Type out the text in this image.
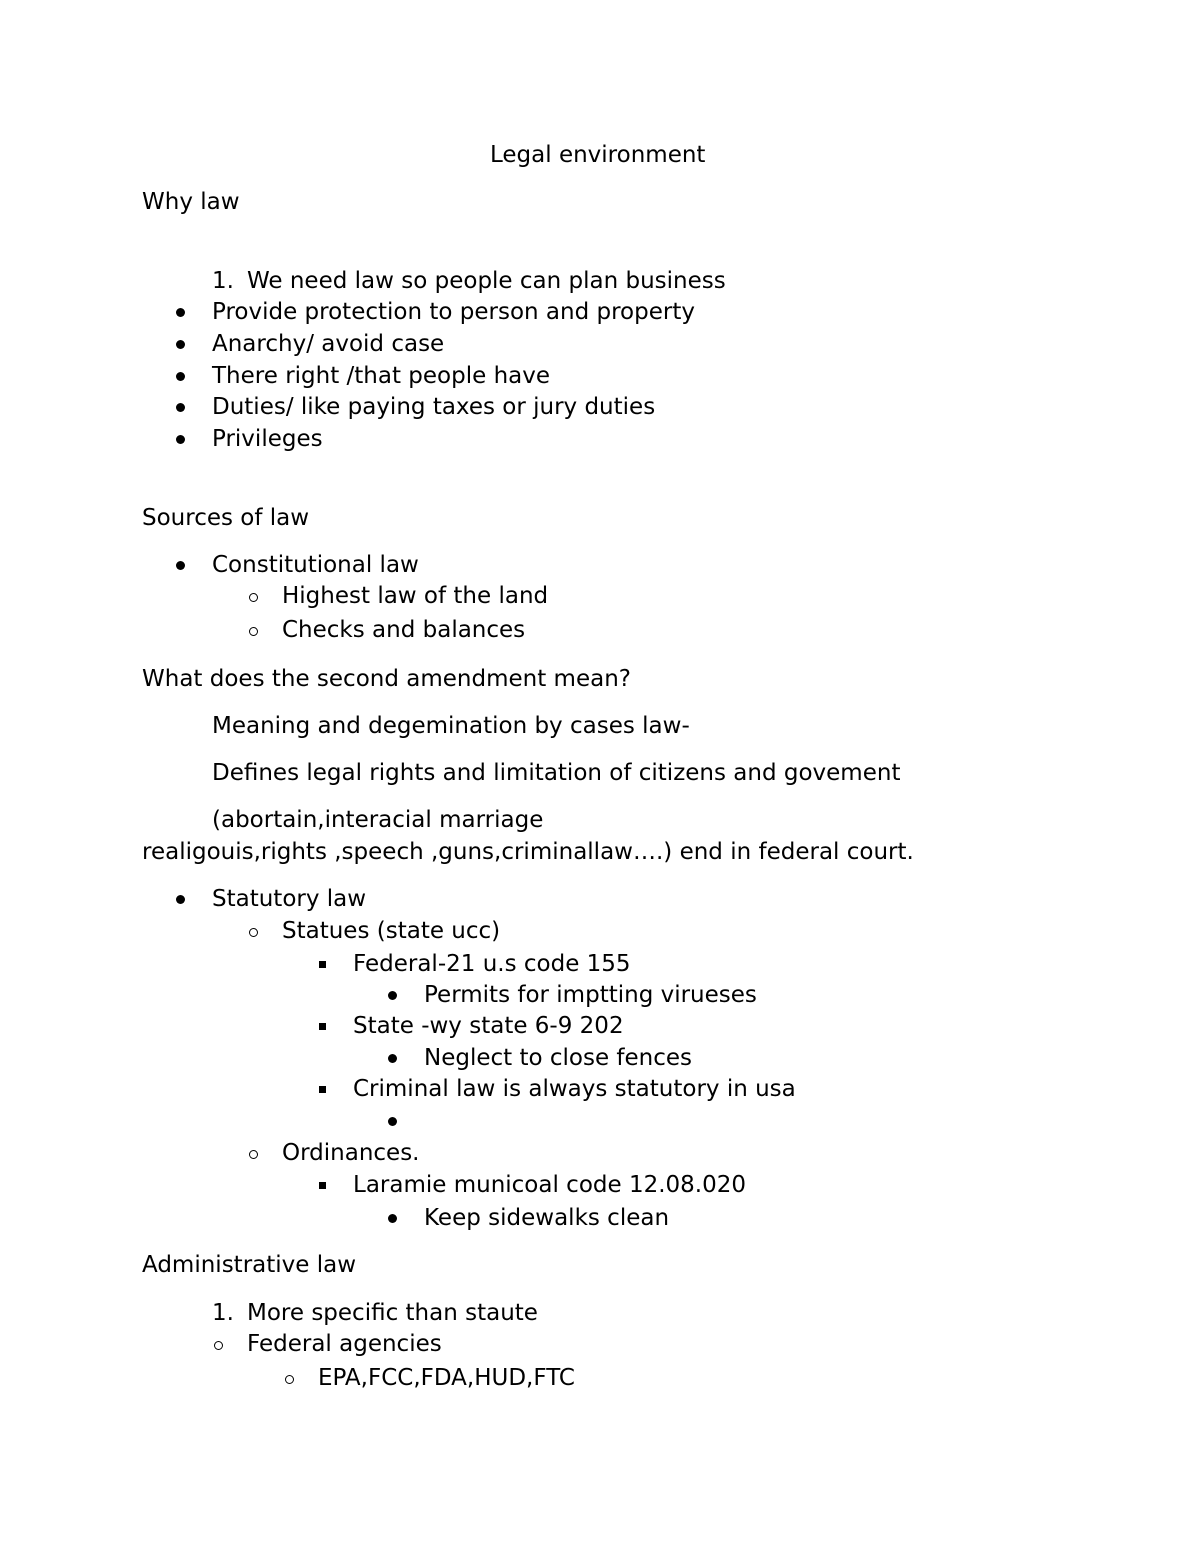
Legal environment

Why law

1. We need law so people can plan business

Provide protection to person and property

Anarchy/ avoid case

There right /that people have

Duties/ like paying taxes or jury duties

Privileges

Sources of law

Constitutional law

Highest law of the land

Checks and balances

What does the second amendment mean?

Meaning and degemination by cases law-

Defines legal rights and limitation of citizens and govement

(abortain,interacial marriage

realigouis,rights ,speech ,guns,criminallaw….) end in federal court.

Statutory law

Statues (state ucc)

Federal-21 u.s code 155

Permits for imptting virueses

State -wy state 6-9 202

Neglect to close fences

Criminal law is always statutory in usa

Ordinances.

Laramie municoal code 12.08.020

Keep sidewalks clean

Administrative law

1. More specific than staute

Federal agencies

EPA,FCC,FDA,HUD,FTC
